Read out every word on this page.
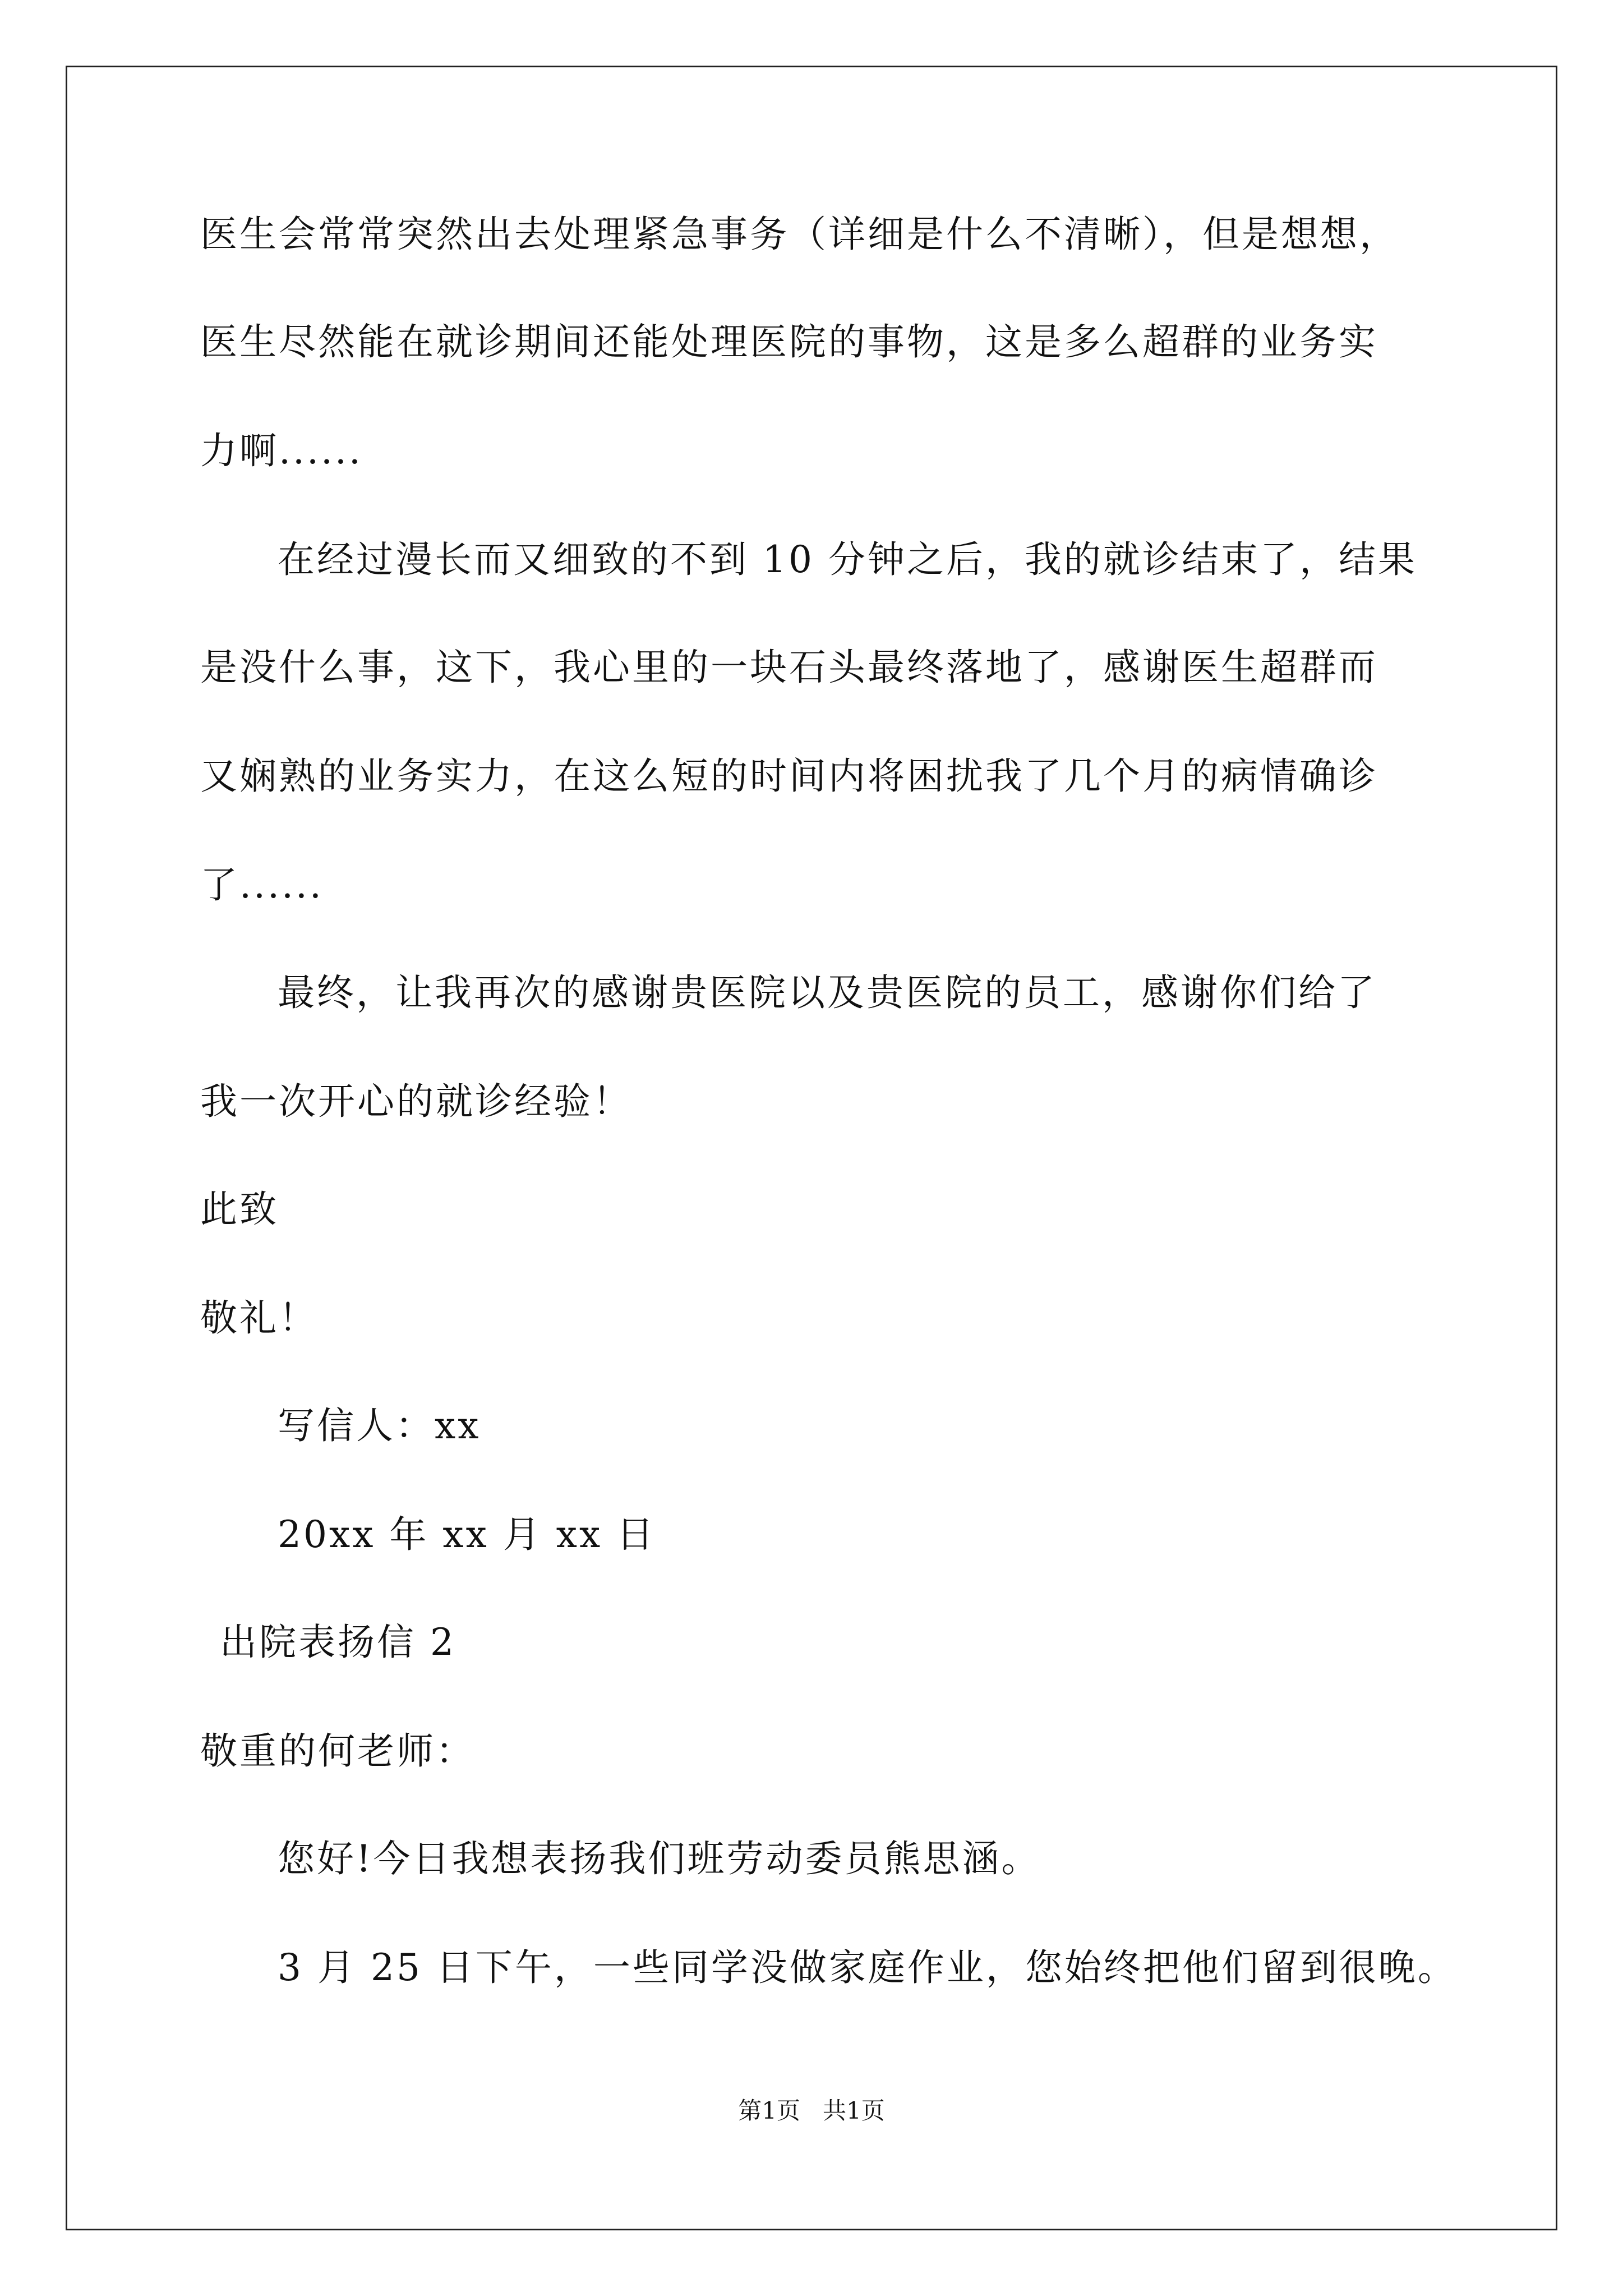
医生会常常突然出去处理紧急事务（详细是什么不清晰），但是想想，
医生尽然能在就诊期间还能处理医院的事物，这是多么超群的业务实
力啊......
在经过漫长而又细致的不到 10 分钟之后，我的就诊结束了，结果
是没什么事，这下，我心里的一块石头最终落地了，感谢医生超群而
又娴熟的业务实力，在这么短的时间内将困扰我了几个月的病情确诊
了......
最终，让我再次的感谢贵医院以及贵医院的员工，感谢你们给了
我一次开心的就诊经验！
此致
敬礼！
写信人：xx
20xx 年 xx 月 xx 日
出院表扬信 2
敬重的何老师：
您好!今日我想表扬我们班劳动委员熊思涵。
3 月 25 日下午，一些同学没做家庭作业，您始终把他们留到很晚。
第1页   共1页
